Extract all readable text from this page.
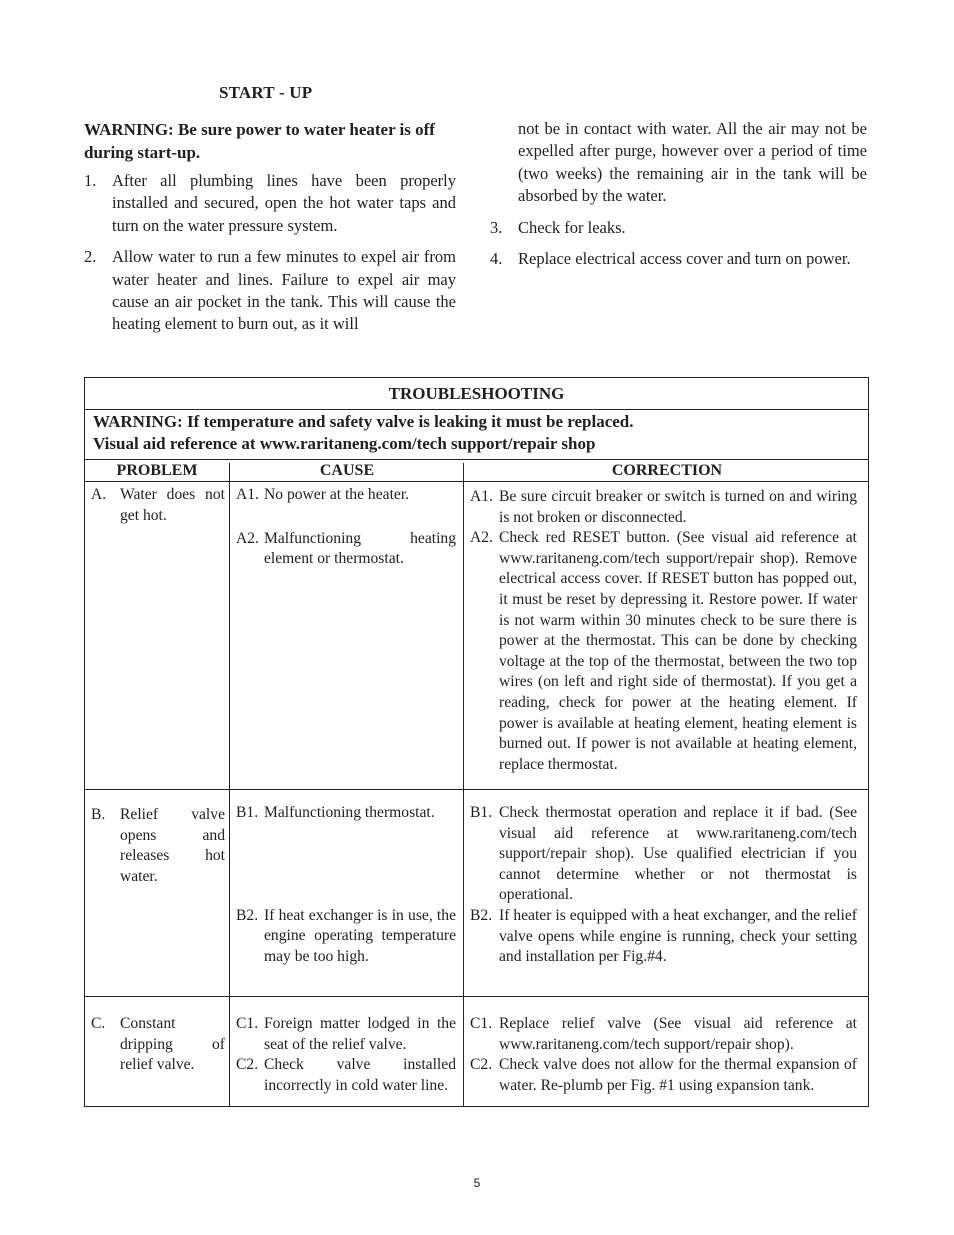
START - UP

WARNING: Be sure power to water heater is off during start-up.

1. After all plumbing lines have been properly installed and secured, open the hot water taps and turn on the water pressure system.
2. Allow water to run a few minutes to expel air from water heater and lines. Failure to expel air may cause an air pocket in the tank. This will cause the heating element to burn out, as it will
not be in contact with water. All the air may not be expelled after purge, however over a period of time (two weeks) the remaining air in the tank will be absorbed by the water.
3. Check for leaks.
4. Replace electrical access cover and turn on power.
TROUBLESHOOTING
WARNING: If temperature and safety valve is leaking it must be replaced.
Visual aid reference at www.raritaneng.com/tech support/repair shop
PROBLEM	CAUSE	CORRECTION
A. Water does not get hot.
A1. No power at the heater.
A2. Malfunctioning heating element or thermostat.
A1. Be sure circuit breaker or switch is turned on and wiring is not broken or disconnected.
A2. Check red RESET button. (See visual aid reference at www.raritaneng.com/tech support/repair shop). Remove electrical access cover. If RESET button has popped out, it must be reset by depressing it. Restore power. If water is not warm within 30 minutes check to be sure there is power at the thermostat. This can be done by checking voltage at the top of the thermostat, between the two top wires (on left and right side of thermostat). If you get a reading, check for power at the heating element. If power is available at heating element, heating element is burned out. If power is not available at heating element, replace thermostat.
B. Relief valve opens and releases hot water.
B1. Malfunctioning thermostat.
B2. If heat exchanger is in use, the engine operating temperature may be too high.
B1. Check thermostat operation and replace it if bad. (See visual aid reference at www.raritaneng.com/tech support/repair shop). Use qualified electrician if you cannot determine whether or not thermostat is operational.
B2. If heater is equipped with a heat exchanger, and the relief valve opens while engine is running, check your setting and installation per Fig.#4.
C. Constant dripping of relief valve.
C1. Foreign matter lodged in the seat of the relief valve.
C2. Check valve installed incorrectly in cold water line.
C1. Replace relief valve (See visual aid reference at www.raritaneng.com/tech support/repair shop).
C2. Check valve does not allow for the thermal expansion of water. Re-plumb per Fig. #1 using expansion tank.
5
